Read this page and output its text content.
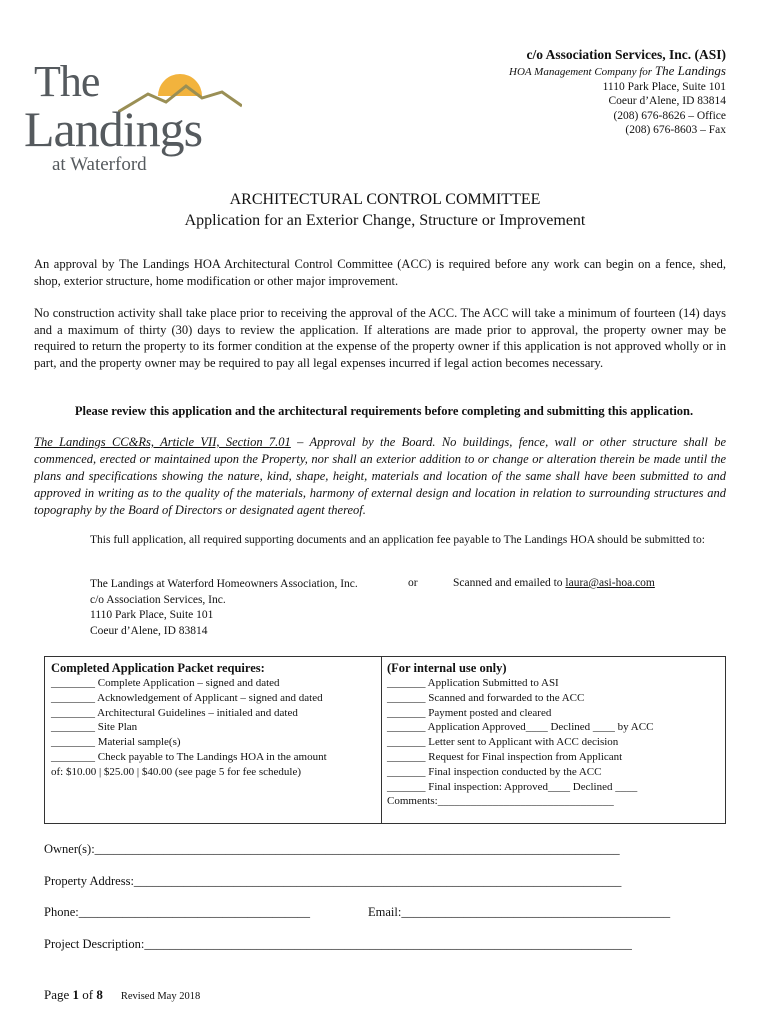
The
Landings
at Waterford
c/o Association Services, Inc. (ASI)
HOA Management Company for The Landings
1110 Park Place, Suite 101
Coeur d’Alene, ID 83814
(208) 676-8626 – Office
(208) 676-8603 – Fax
ARCHITECTURAL CONTROL COMMITTEE
Application for an Exterior Change, Structure or Improvement
An approval by The Landings HOA Architectural Control Committee (ACC) is required before any work can begin on a fence, shed, shop, exterior structure, home modification or other major improvement.
No construction activity shall take place prior to receiving the approval of the ACC. The ACC will take a minimum of fourteen (14) days and a maximum of thirty (30) days to review the application. If alterations are made prior to approval, the property owner may be required to return the property to its former condition at the expense of the property owner if this application is not approved wholly or in part, and the property owner may be required to pay all legal expenses incurred if legal action becomes necessary.
Please review this application and the architectural requirements before completing and submitting this application.
The Landings CC&Rs, Article VII, Section 7.01 – Approval by the Board. No buildings, fence, wall or other structure shall be commenced, erected or maintained upon the Property, nor shall an exterior addition to or change or alteration therein be made until the plans and specifications showing the nature, kind, shape, height, materials and location of the same shall have been submitted to and approved in writing as to the quality of the materials, harmony of external design and location in relation to surrounding structures and topography by the Board of Directors or designated agent thereof.
This full application, all required supporting documents and an application fee payable to The Landings HOA should be submitted to:
The Landings at Waterford Homeowners Association, Inc.
c/o Association Services, Inc.
1110 Park Place, Suite 101
Coeur d’Alene, ID 83814
or	Scanned and emailed to laura@asi-hoa.com
Completed Application Packet requires:
________ Complete Application – signed and dated
________ Acknowledgement of Applicant – signed and dated
________ Architectural Guidelines – initialed and dated
________ Site Plan
________ Material sample(s)
________ Check payable to The Landings HOA in the amount
of: $10.00 | $25.00 | $40.00 (see page 5 for fee schedule)
(For internal use only)
_______ Application Submitted to ASI
_______ Scanned and forwarded to the ACC
_______ Payment posted and cleared
_______ Application Approved____ Declined ____ by ACC
_______ Letter sent to Applicant with ACC decision
_______ Request for Final inspection from Applicant
_______ Final inspection conducted by the ACC
_______ Final inspection: Approved____ Declined ____
Comments:________________________________
Owner(s):____________________________________________________________________________________
Property Address:______________________________________________________________________________
Phone:_____________________________________	Email:___________________________________________
Project Description:______________________________________________________________________________
Page 1 of 8 Revised May 2018
